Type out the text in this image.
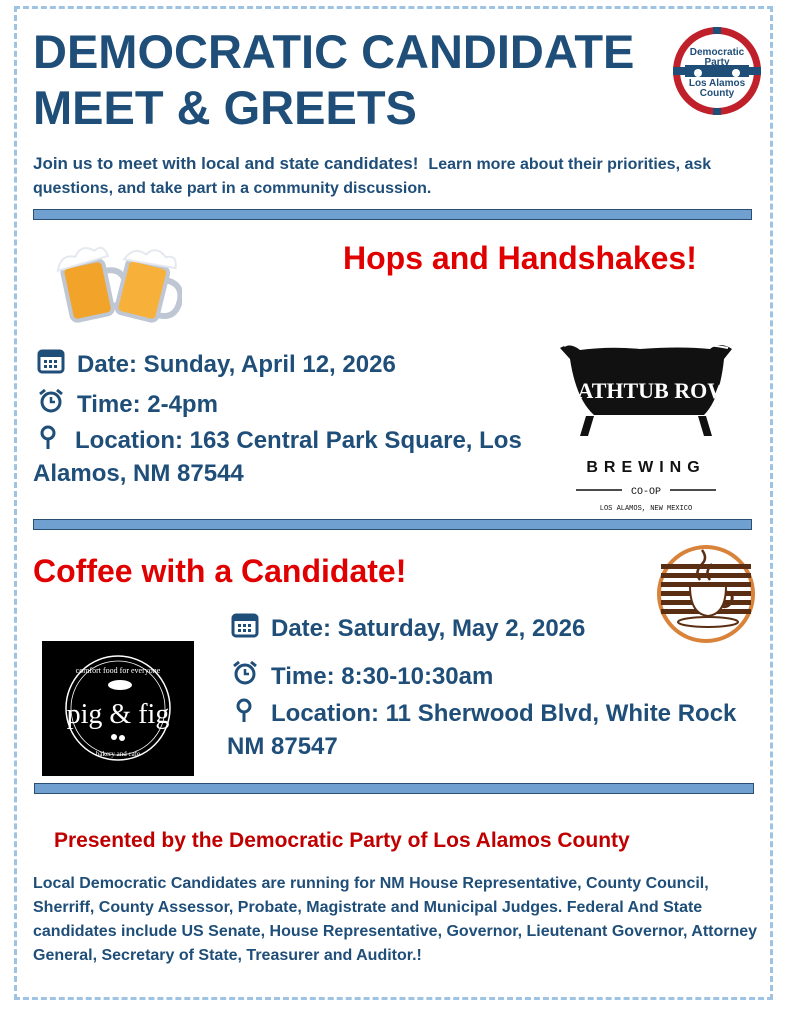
DEMOCRATIC CANDIDATE
MEET & GREETS
Democratic
Party
Los Alamos
County

Join us to meet with local and state candidates! Learn more about their priorities, ask questions, and take part in a community discussion.

Hops and Handshakes!

Date: Sunday, April 12, 2026

Time: 2-4pm

Location: 163 Central Park Square, Los Alamos, NM 87544

BATHTUB ROW
BREWING
CO-OP
LOS ALAMOS, NEW MEXICO
Coffee with a Candidate!
comfort food for everyone
pig & fig
bakery and cafe

Date: Saturday, May 2, 2026

Time: 8:30-10:30am

Location: 11 Sherwood Blvd, White Rock NM 87547

Presented by the Democratic Party of Los Alamos County

Local Democratic Candidates are running for NM House Representative, County Council, Sherriff, County Assessor, Probate, Magistrate and Municipal Judges. Federal And State candidates include US Senate, House Representative, Governor, Lieutenant Governor, Attorney General, Secretary of State, Treasurer and Auditor.!
